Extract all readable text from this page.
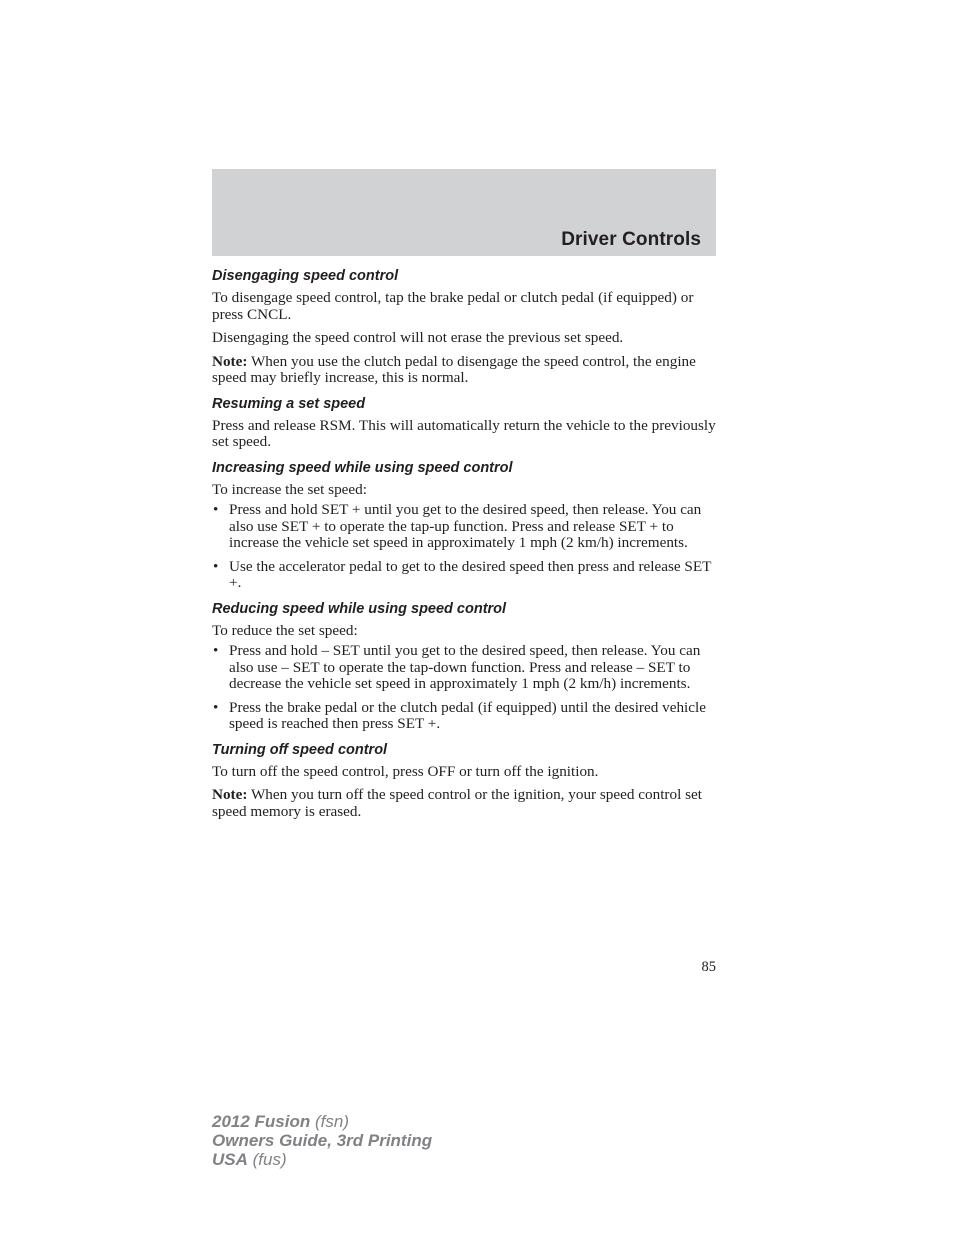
Driver Controls
Disengaging speed control

To disengage speed control, tap the brake pedal or clutch pedal (if equipped) or press CNCL.

Disengaging the speed control will not erase the previous set speed.

Note: When you use the clutch pedal to disengage the speed control, the engine speed may briefly increase, this is normal.

Resuming a set speed

Press and release RSM. This will automatically return the vehicle to the previously set speed.

Increasing speed while using speed control

To increase the set speed:

• Press and hold SET + until you get to the desired speed, then release. You can also use SET + to operate the tap-up function. Press and release SET + to increase the vehicle set speed in approximately 1 mph (2 km/h) increments.
• Use the accelerator pedal to get to the desired speed then press and release SET +.
Reducing speed while using speed control

To reduce the set speed:

• Press and hold – SET until you get to the desired speed, then release. You can also use – SET to operate the tap-down function. Press and release – SET to decrease the vehicle set speed in approximately 1 mph (2 km/h) increments.
• Press the brake pedal or the clutch pedal (if equipped) until the desired vehicle speed is reached then press SET +.
Turning off speed control

To turn off the speed control, press OFF or turn off the ignition.

Note: When you turn off the speed control or the ignition, your speed control set speed memory is erased.

85
2012 Fusion (fsn)
Owners Guide, 3rd Printing
USA (fus)
